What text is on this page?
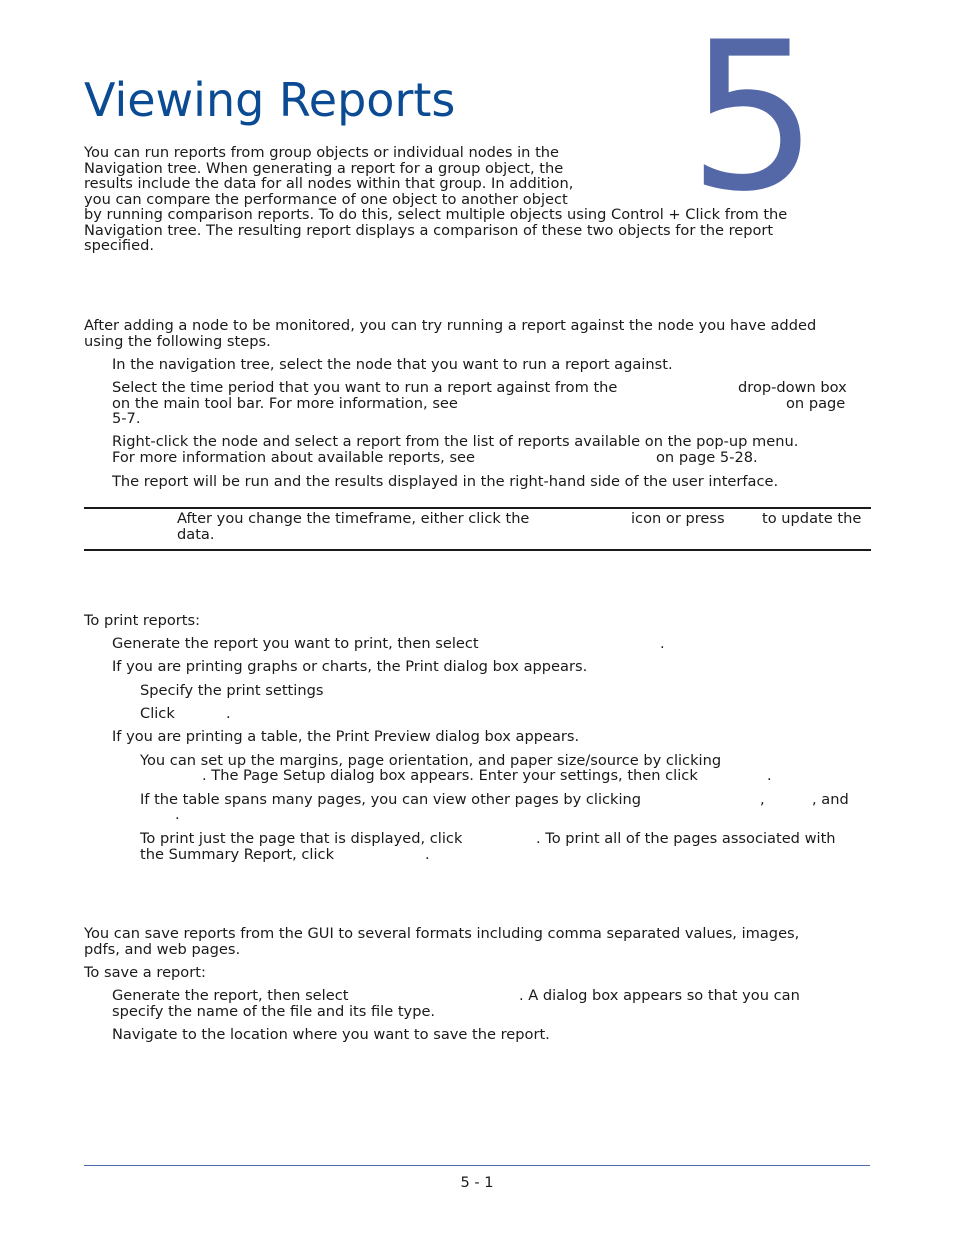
Viewing Reports 5
You can run reports from group objects or individual nodes in the
Navigation tree. When generating a report for a group object, the
results include the data for all nodes within that group. In addition,
you can compare the performance of one object to another object
by running comparison reports. To do this, select multiple objects using Control + Click from the
Navigation tree. The resulting report displays a comparison of these two objects for the report
specified.
After adding a node to be monitored, you can try running a report against the node you have added
using the following steps.
In the navigation tree, select the node that you want to run a report against.
Select the time period that you want to run a report against from the	drop-down box
on the main tool bar. For more information, see	on page
5-7.
Right-click the node and select a report from the list of reports available on the pop-up menu.
For more information about available reports, see	on page 5-28.
The report will be run and the results displayed in the right-hand side of the user interface.
After you change the timeframe, either click the	icon or press	to update the
data.
To print reports:
Generate the report you want to print, then select	.
If you are printing graphs or charts, the Print dialog box appears.
Specify the print settings
Click	.
If you are printing a table, the Print Preview dialog box appears.
You can set up the margins, page orientation, and paper size/source by clicking
. The Page Setup dialog box appears. Enter your settings, then click	.
If the table spans many pages, you can view other pages by clicking	,	, and
.
To print just the page that is displayed, click	. To print all of the pages associated with
the Summary Report, click	.
You can save reports from the GUI to several formats including comma separated values, images,
pdfs, and web pages.
To save a report:
Generate the report, then select	. A dialog box appears so that you can
specify the name of the file and its file type.
Navigate to the location where you want to save the report.
5 - 1
